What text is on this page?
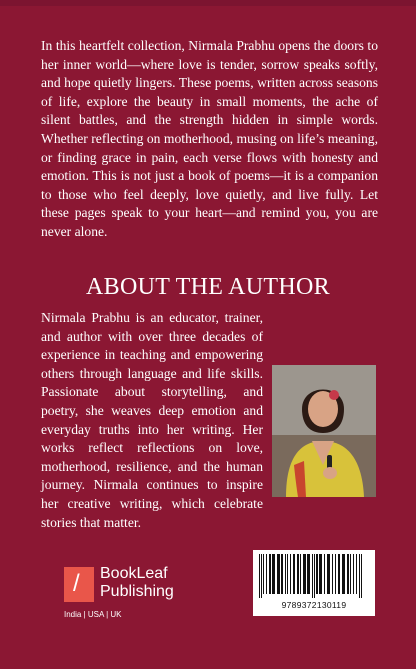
In this heartfelt collection, Nirmala Prabhu opens the doors to her inner world—where love is tender, sorrow speaks softly, and hope quietly lingers. These poems, written across seasons of life, explore the beauty in small moments, the ache of silent battles, and the strength hidden in simple words. Whether reflecting on motherhood, musing on life’s meaning, or finding grace in pain, each verse flows with honesty and emotion. This is not just a book of poems—it is a companion to those who feel deeply, love quietly, and live fully. Let these pages speak to your heart—and remind you, you are never alone.
ABOUT THE AUTHOR
Nirmala Prabhu is an educator, trainer, and author with over three decades of experience in teaching and empowering others through language and life skills. Passionate about storytelling, and poetry, she weaves deep emotion and everyday truths into her writing. Her works reflect reflections on love, motherhood, resilience, and the human journey. Nirmala continues to inspire her creative writing, which celebrate stories that matter.
/ BookLeaf
Publishing
India | USA | UK
9789372130119
